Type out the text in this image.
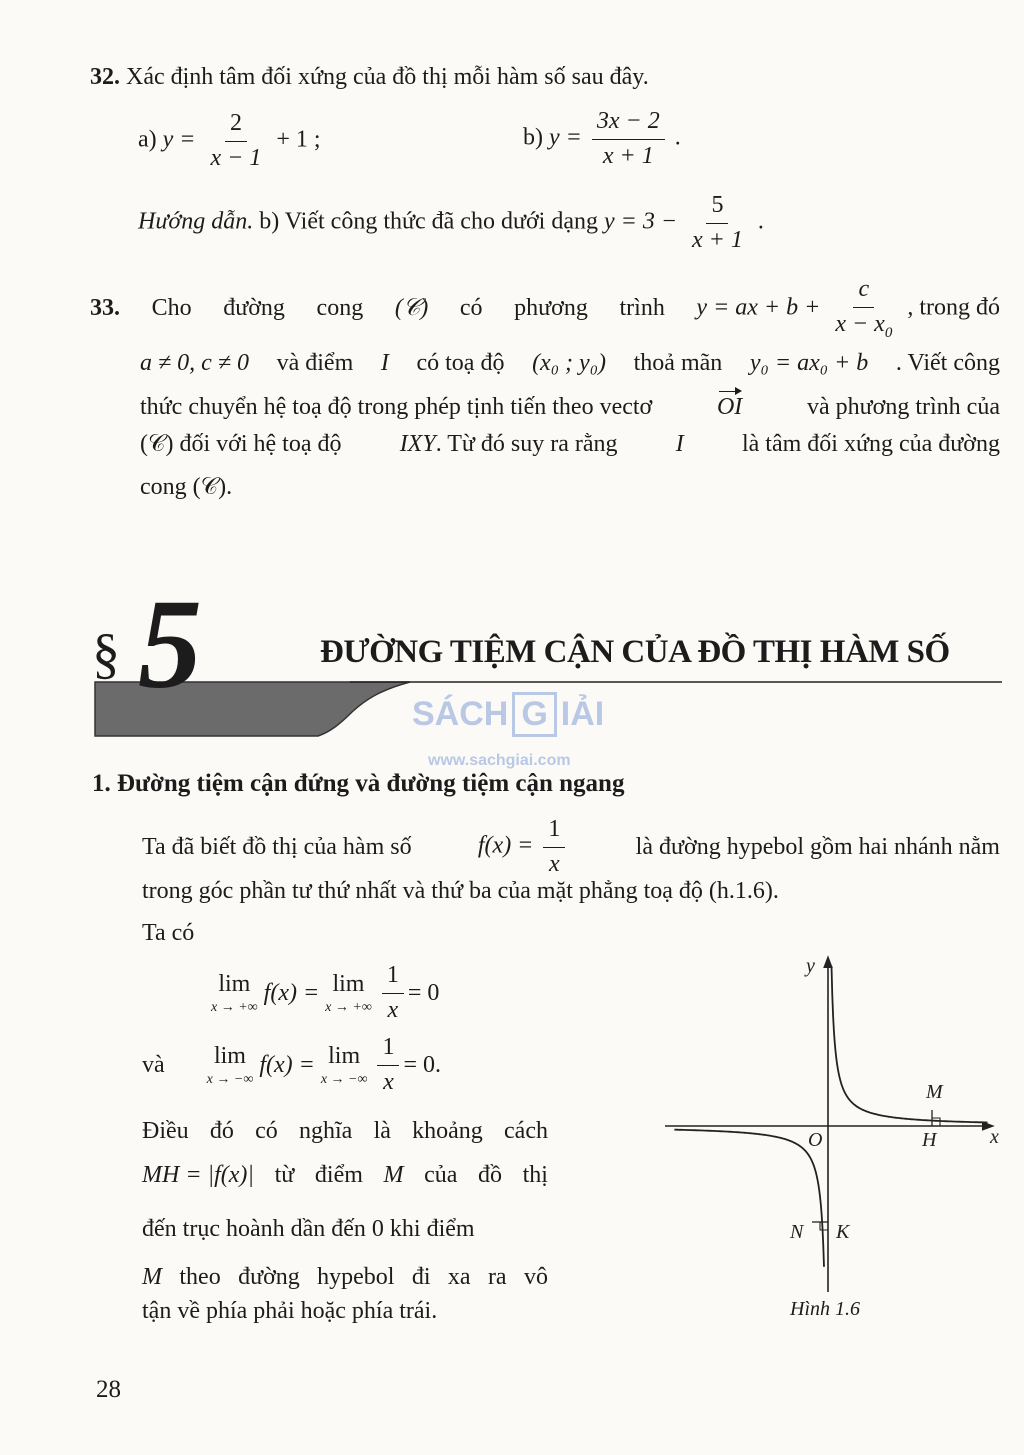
32. Xác định tâm đối xứng của đồ thị mỗi hàm số sau đây.
a) $y = \frac{2}{x - 1} + 1$ ;	b) $y = \frac{3x - 2}{x + 1}$ .
Hướng dẫn. b) Viết công thức đã cho dưới dạng $y = 3 - \frac{5}{x + 1}$ .
33. Cho đường cong (𝒞) có phương trình y = ax + $b + \frac{c}{x - x_0}$ , trong đó
a ≠ 0, c ≠ 0 và điểm I có toạ độ (x₀ ; y₀) thoả mãn y₀ = ax₀ + b . Viết công
thức chuyển hệ toạ độ trong phép tịnh tiến theo vectơ	OI	và phương trình của
(𝒞) đối với hệ toạ độ IXY. Từ đó suy ra rằng I là tâm đối xứng của đường
cong (𝒞).
§ 5	ĐƯỜNG TIỆM CẬN CỦA ĐỒ THỊ HÀM SỐ
SÁCH G IẢI
www.sachgiai.com
1. Đường tiệm cận đứng và đường tiệm cận ngang
Ta đã biết đồ thị của hàm số	$f(x) = \frac{1}{x}$	là đường hypebol gồm hai nhánh nằm
trong góc phần tư thứ nhất và thứ ba của mặt phẳng toạ độ (h.1.6).
Ta có
lim
x → +∞
f(x) = lim
x → +∞ $\frac{1}{x} = 0$
và lim
x → −∞
f(x) = lim
x → −∞ $\frac{1}{x} = 0$.
Điều đó có nghĩa là khoảng cách
MH = |f(x)| từ điểm M của đồ thị
đến trục hoành dần đến 0 khi điểm
M theo đường hypebol đi xa ra vô
tận về phía phải hoặc phía trái.
y
x
O	H
M
N K
Hình 1.6
28
